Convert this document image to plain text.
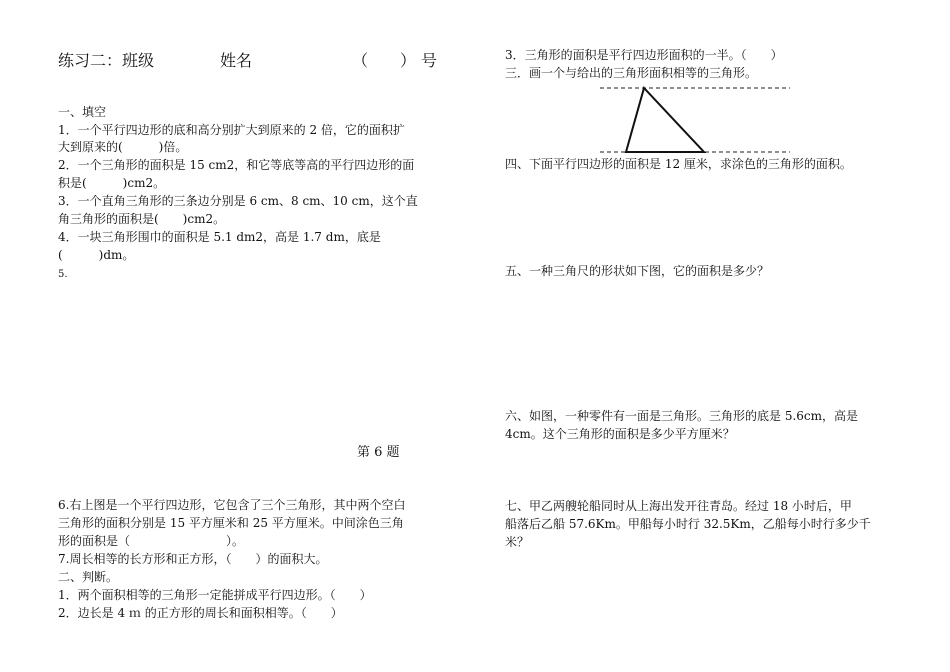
练习二：班级	姓名	（　　） 号
一、填空
1．一个平行四边形的底和高分别扩大到原来的 2 倍，它的面积扩
大到原来的(　　　)倍。
2．一个三角形的面积是 15 cm2，和它等底等高的平行四边形的面
积是(　　　)cm2。
3．一个直角三角形的三条边分别是 6 cm、8 cm、10 cm，这个直
角三角形的面积是(　　)cm2。
4．一块三角形围巾的面积是 5.1 dm2，高是 1.7 dm，底是
(　　　)dm。
5.
第 6 题
6.右上图是一个平行四边形，它包含了三个三角形，其中两个空白
三角形的面积分别是 15 平方厘米和 25 平方厘米。中间涂色三角
形的面积是（　　　　　　　　）。
7.周长相等的长方形和正方形，（　　）的面积大。
二、判断。
1．两个面积相等的三角形一定能拼成平行四边形。（　　）
2．边长是 4 ｍ 的正方形的周长和面积相等。（　　）
3．三角形的面积是平行四边形面积的一半。（　　）
三．画一个与给出的三角形面积相等的三角形。
四、下面平行四边形的面积是 12 厘米，求涂色的三角形的面积。
五、一种三角尺的形状如下图，它的面积是多少？
六、如图，一种零件有一面是三角形。三角形的底是 5.6cm，高是
4cm。这个三角形的面积是多少平方厘米？
七、甲乙两艘轮船同时从上海出发开往青岛。经过 18 小时后，甲
船落后乙船 57.6Km。甲船每小时行 32.5Km，乙船每小时行多少千
米？
